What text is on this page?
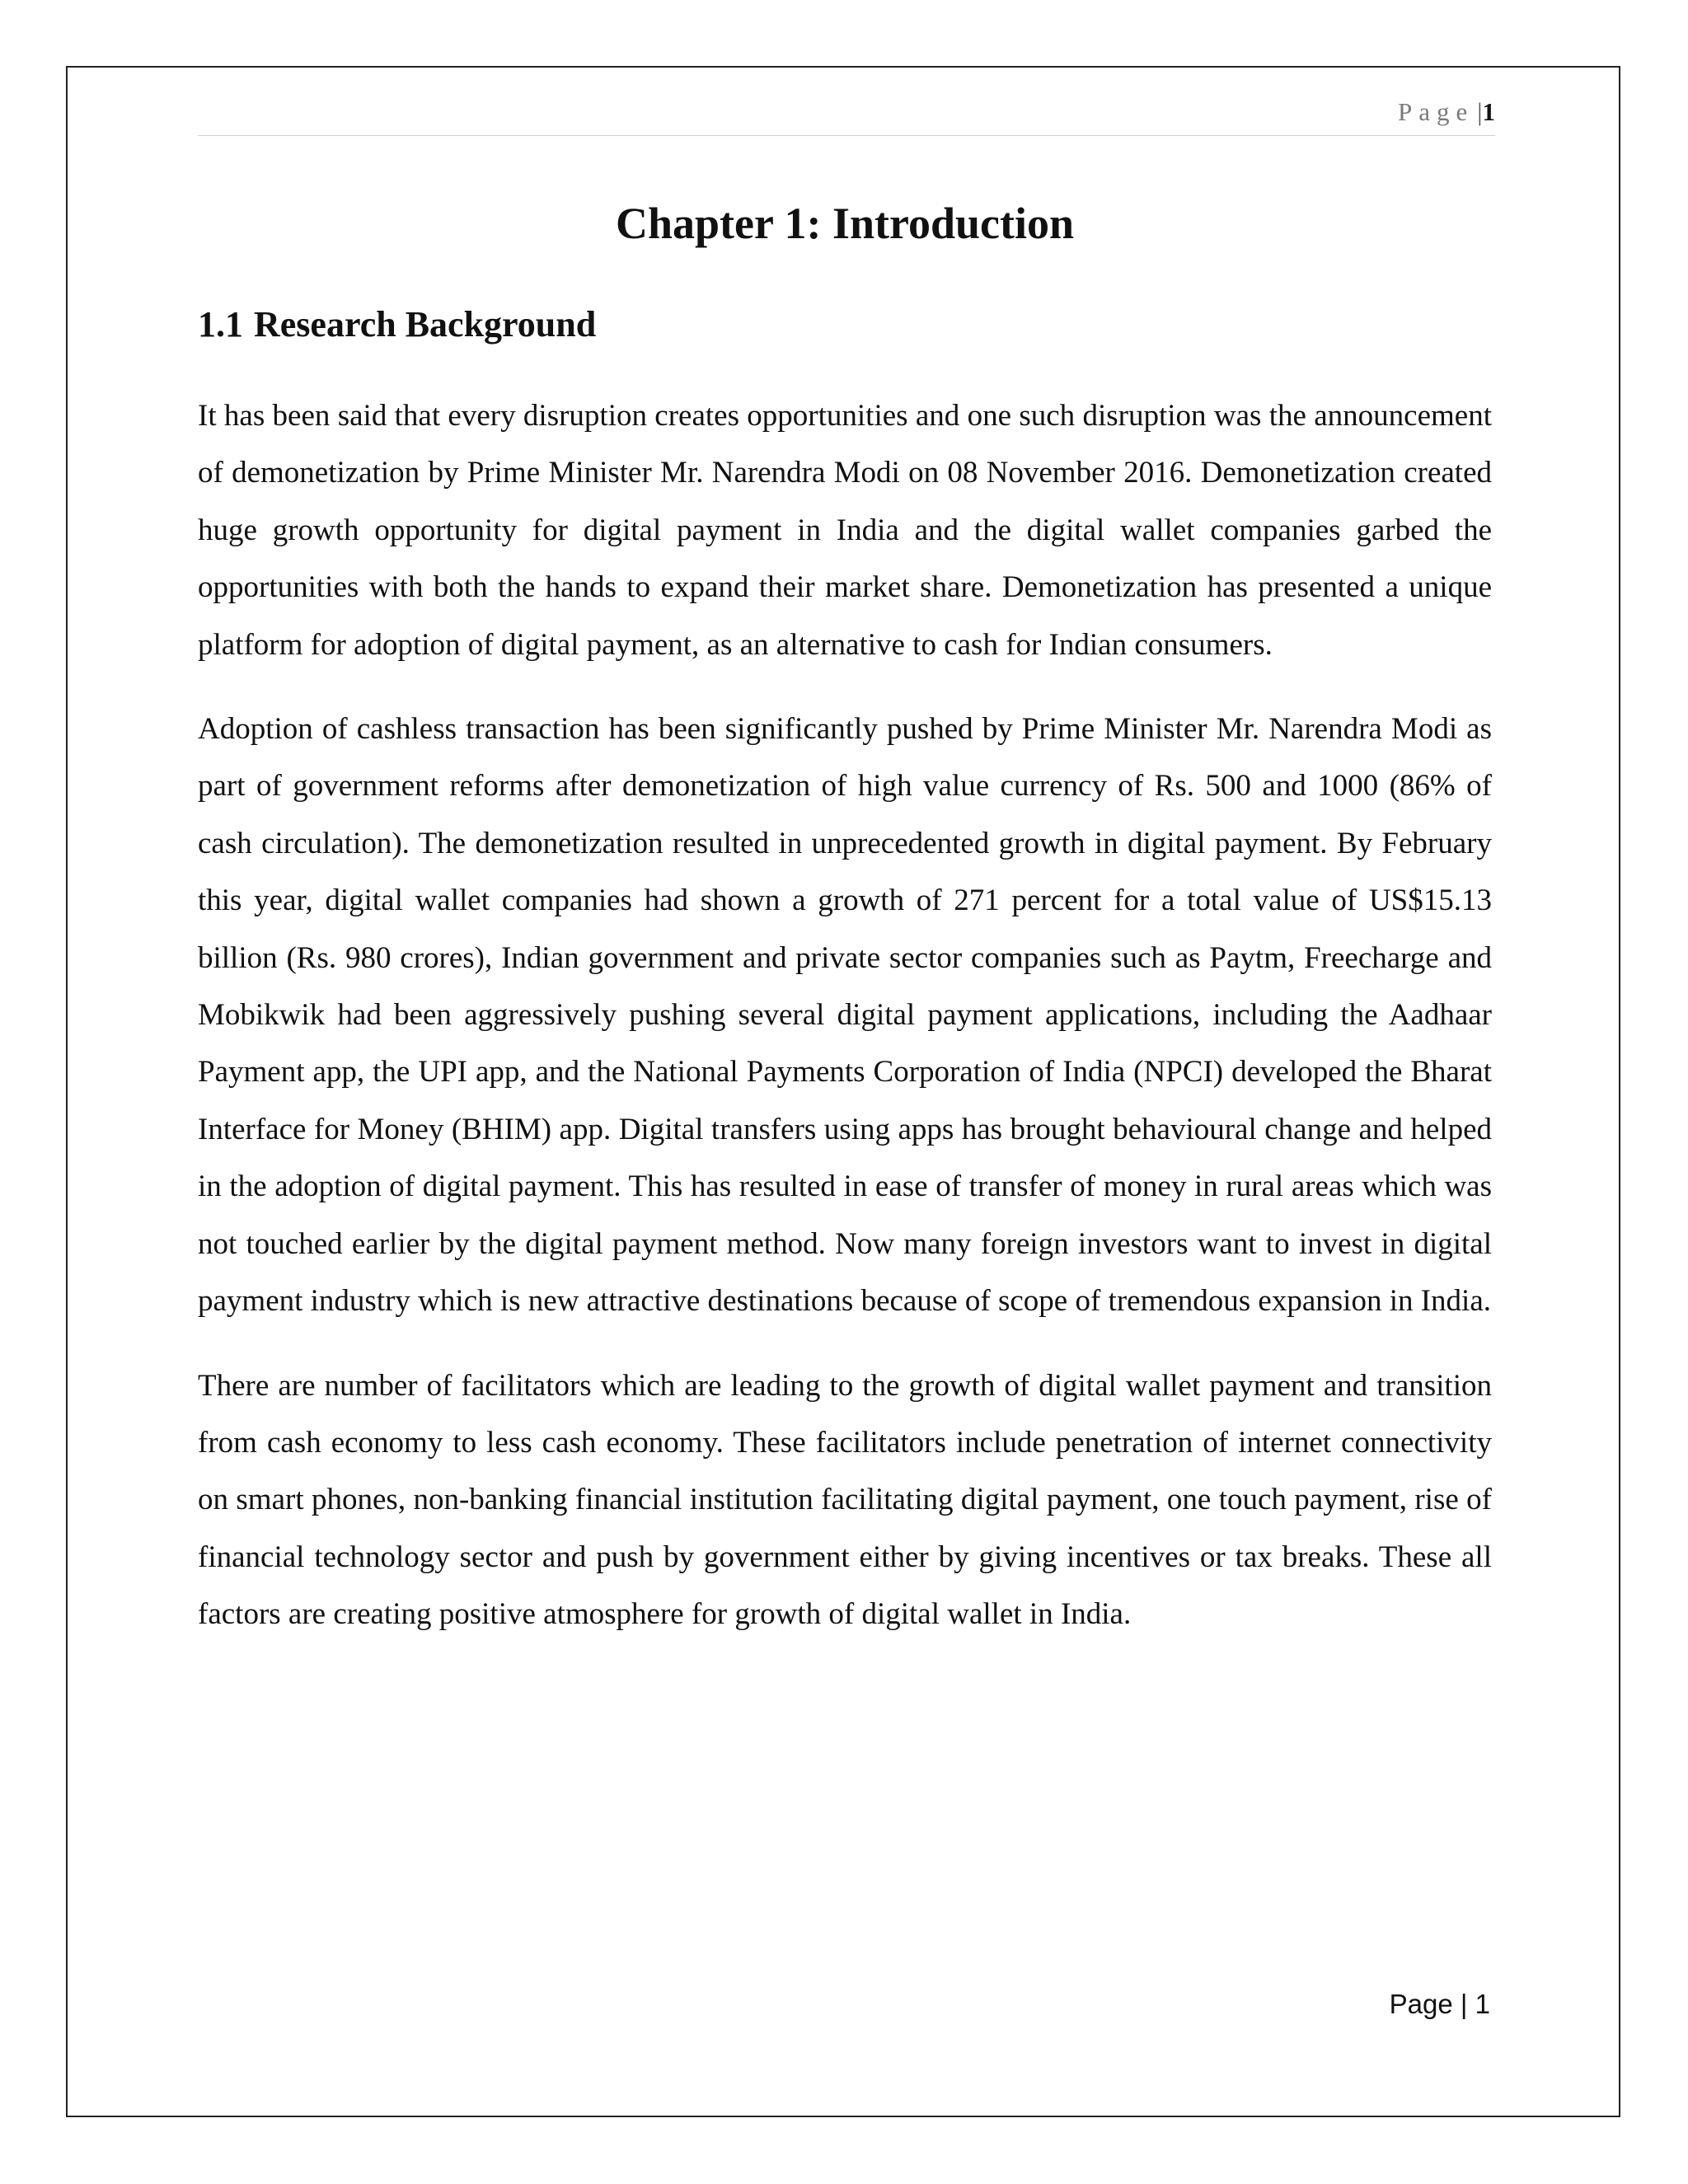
Page |1
Chapter 1: Introduction
1.1 Research Background

It has been said that every disruption creates opportunities and one such disruption was the announcement of demonetization by Prime Minister Mr. Narendra Modi on 08 November 2016. Demonetization created huge growth opportunity for digital payment in India and the digital wallet companies garbed the opportunities with both the hands to expand their market share. Demonetization has presented a unique platform for adoption of digital payment, as an alternative to cash for Indian consumers.

Adoption of cashless transaction has been significantly pushed by Prime Minister Mr. Narendra Modi as part of government reforms after demonetization of high value currency of Rs. 500 and 1000 (86% of cash circulation). The demonetization resulted in unprecedented growth in digital payment. By February this year, digital wallet companies had shown a growth of 271 percent for a total value of US$15.13 billion (Rs. 980 crores), Indian government and private sector companies such as Paytm, Freecharge and Mobikwik had been aggressively pushing several digital payment applications, including the Aadhaar Payment app, the UPI app, and the National Payments Corporation of India (NPCI) developed the Bharat Interface for Money (BHIM) app. Digital transfers using apps has brought behavioural change and helped in the adoption of digital payment. This has resulted in ease of transfer of money in rural areas which was not touched earlier by the digital payment method. Now many foreign investors want to invest in digital payment industry which is new attractive destinations because of scope of tremendous expansion in India.

There are number of facilitators which are leading to the growth of digital wallet payment and transition from cash economy to less cash economy. These facilitators include penetration of internet connectivity on smart phones, non-banking financial institution facilitating digital payment, one touch payment, rise of financial technology sector and push by government either by giving incentives or tax breaks. These all factors are creating positive atmosphere for growth of digital wallet in India.

Page | 1
